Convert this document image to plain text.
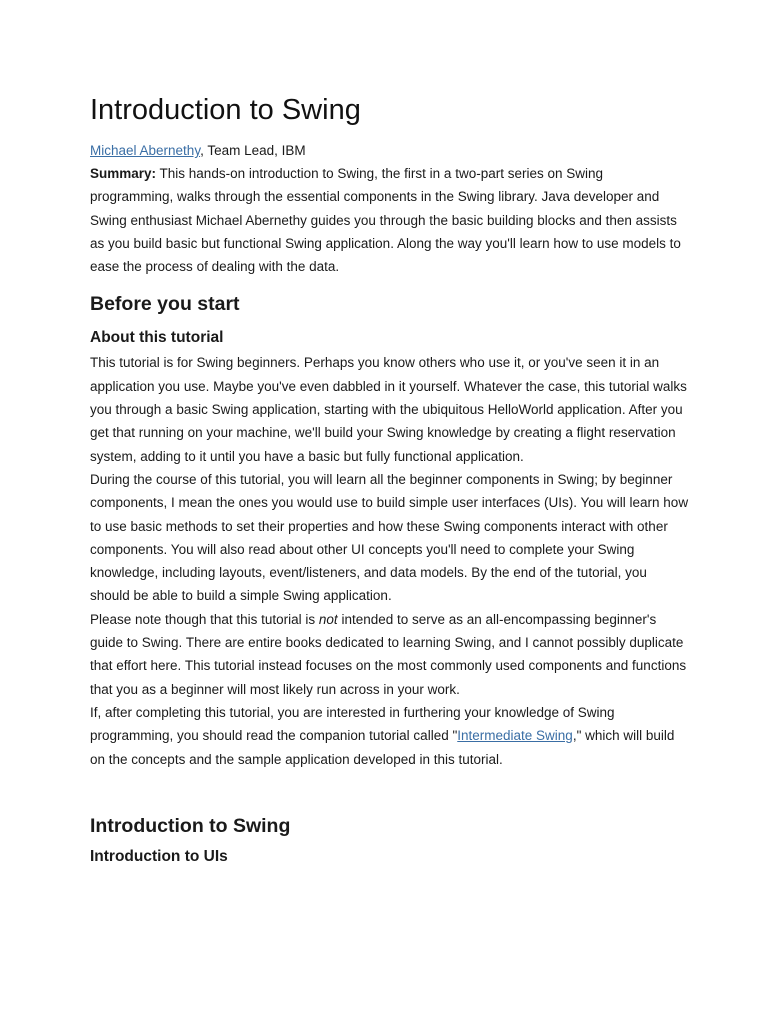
Introduction to Swing
Michael Abernethy, Team Lead, IBM

Summary: This hands-on introduction to Swing, the first in a two-part series on Swing programming, walks through the essential components in the Swing library. Java developer and Swing enthusiast Michael Abernethy guides you through the basic building blocks and then assists as you build basic but functional Swing application. Along the way you'll learn how to use models to ease the process of dealing with the data.

Before you start
About this tutorial

This tutorial is for Swing beginners. Perhaps you know others who use it, or you've seen it in an application you use. Maybe you've even dabbled in it yourself. Whatever the case, this tutorial walks you through a basic Swing application, starting with the ubiquitous HelloWorld application. After you get that running on your machine, we'll build your Swing knowledge by creating a flight reservation system, adding to it until you have a basic but fully functional application.

During the course of this tutorial, you will learn all the beginner components in Swing; by beginner components, I mean the ones you would use to build simple user interfaces (UIs). You will learn how to use basic methods to set their properties and how these Swing components interact with other components. You will also read about other UI concepts you'll need to complete your Swing knowledge, including layouts, event/listeners, and data models. By the end of the tutorial, you should be able to build a simple Swing application.

Please note though that this tutorial is not intended to serve as an all-encompassing beginner's guide to Swing. There are entire books dedicated to learning Swing, and I cannot possibly duplicate that effort here. This tutorial instead focuses on the most commonly used components and functions that you as a beginner will most likely run across in your work.

If, after completing this tutorial, you are interested in furthering your knowledge of Swing programming, you should read the companion tutorial called "Intermediate Swing," which will build on the concepts and the sample application developed in this tutorial.

Introduction to Swing
Introduction to UIs
